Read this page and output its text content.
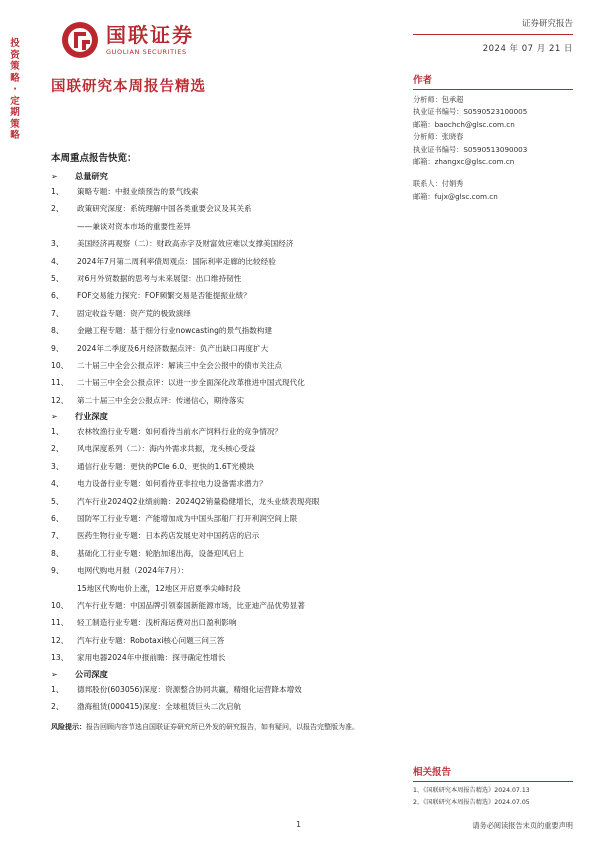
投
资
策
略
·
定
期
策
略
国联证券
GUOLIAN SECURITIES
证券研究报告
2024 年 07 月 21 日
国联研究本周报告精选	作者
分析师：包承超
执业证书编号：S0590523100005
邮箱：baochch@glsc.com.cn
分析师：张晓春
执业证书编号：S0590513090003
邮箱：zhangxc@glsc.com.cn
联系人：付娟秀
邮箱：fujx@glsc.com.cn
相关报告
1、《国联研究本周报告精选》2024.07.13
2、《国联研究本周报告精选》2024.07.05
本周重点报告快览：
➢	总量研究
1、	策略专题：中报业绩预告的景气线索
2、	政策研究深度：系统理解中国各类重要会议及其关系
——兼谈对资本市场的重要性差异
3、	美国经济再观察（二）：财政高赤字及财富效应难以支撑美国经济
4、	2024年7月第二周利率债周观点：国际利率走廊的比较经验
5、	对6月外贸数据的思考与未来展望：出口维持韧性
6、	FOF交易能力探究：FOF频繁交易是否能提振业绩？
7、	固定收益专题：资产荒的极致演绎
8、	金融工程专题：基于细分行业nowcasting的景气指数构建
9、	2024年二季度及6月经济数据点评：负产出缺口再度扩大
10、	二十届三中全会公报点评：解读三中全会公报中的债市关注点
11、	二十届三中全会公报点评：以进一步全面深化改革推进中国式现代化
12、	第二十届三中全会公报点评：传递信心，期待落实
➢	行业深度
1、	农林牧渔行业专题：如何看待当前水产饲料行业的竞争情况？
2、	风电深度系列（二）：海内外需求共振，龙头核心受益
3、	通信行业专题：更快的PCIe 6.0、更快的1.6T光模块
4、	电力设备行业专题：如何看待亚非拉电力设备需求潜力？
5、	汽车行业2024Q2业绩前瞻：2024Q2销量稳健增长，龙头业绩表现亮眼
6、	国防军工行业专题：产能增加成为中国头部船厂打开利润空间上限
7、	医药生物行业专题：日本药店发展史对中国药店的启示
8、	基础化工行业专题：轮胎加速出海，设备迎风启上
9、	电网代购电月报（2024年7月）：
15地区代购电价上涨，12地区开启夏季尖峰时段
10、	汽车行业专题：中国品牌引领泰国新能源市场，比亚迪产品优势显著
11、	轻工制造行业专题：浅析海运费对出口盈利影响
12、	汽车行业专题：Robotaxi核心问题三问三答
13、	家用电器2024年中报前瞻：探寻确定性增长
➢	公司深度
1、	德邦股份(603056)深度：资源整合协同共赢，精细化运营降本增效
2、	渤海租赁(000415)深度：全球租赁巨头二次启航
风险提示：报告回顾内容节选自国联证券研究所已外发的研究报告，如有疑问，以报告完整版为准。
1	请务必阅读报告末页的重要声明
